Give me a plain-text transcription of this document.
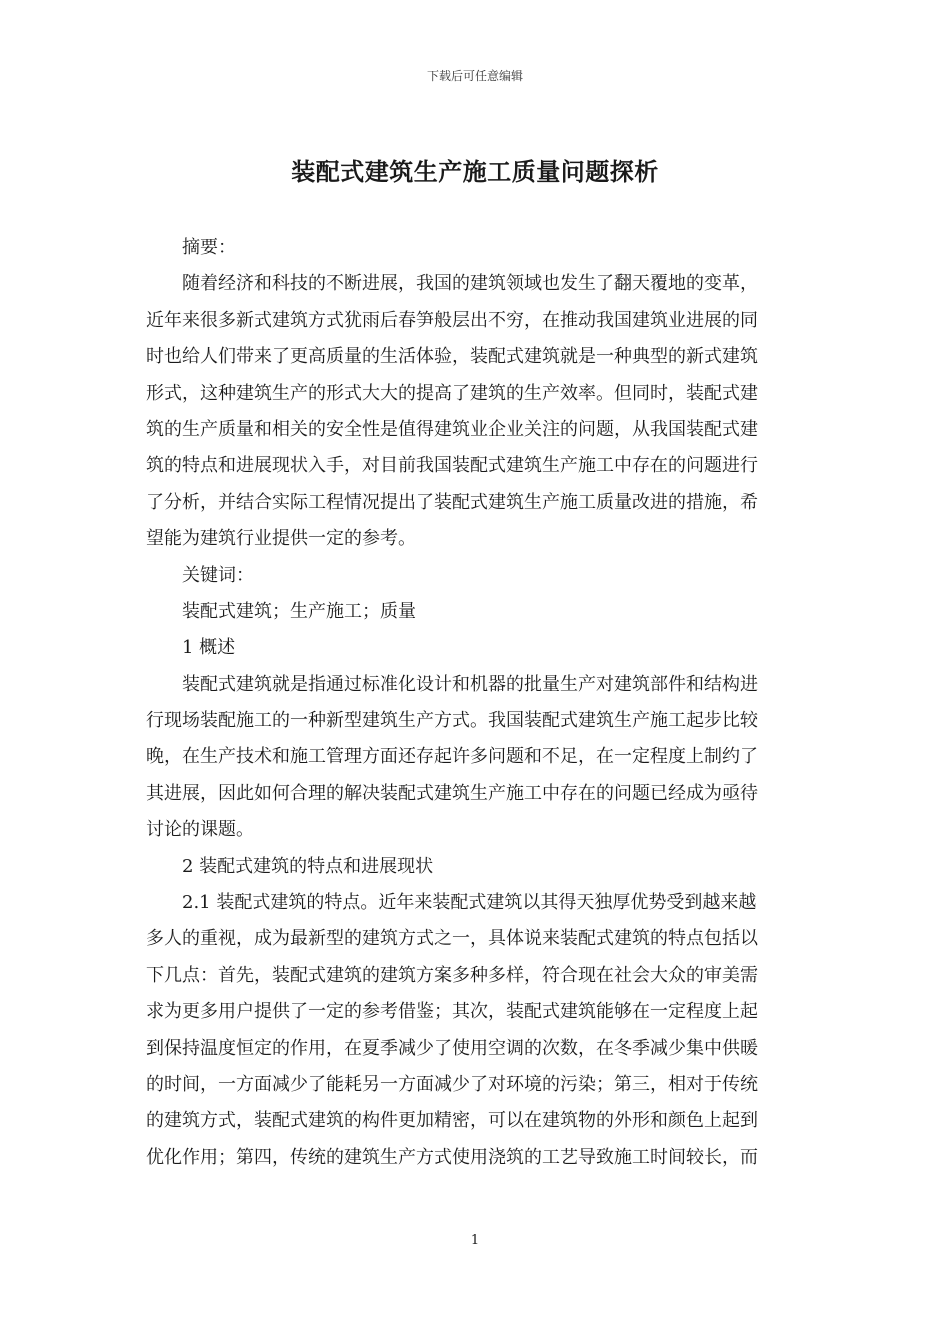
下载后可任意编辑
装配式建筑生产施工质量问题探析
摘要：
随着经济和科技的不断进展，我国的建筑领域也发生了翻天覆地的变革，
近年来很多新式建筑方式犹雨后春笋般层出不穷，在推动我国建筑业进展的同
时也给人们带来了更高质量的生活体验，装配式建筑就是一种典型的新式建筑
形式，这种建筑生产的形式大大的提高了建筑的生产效率。但同时，装配式建
筑的生产质量和相关的安全性是值得建筑业企业关注的问题，从我国装配式建
筑的特点和进展现状入手，对目前我国装配式建筑生产施工中存在的问题进行
了分析，并结合实际工程情况提出了装配式建筑生产施工质量改进的措施，希
望能为建筑行业提供一定的参考。
关键词：
装配式建筑；生产施工；质量
1 概述
装配式建筑就是指通过标准化设计和机器的批量生产对建筑部件和结构进
行现场装配施工的一种新型建筑生产方式。我国装配式建筑生产施工起步比较
晚，在生产技术和施工管理方面还存起许多问题和不足，在一定程度上制约了
其进展，因此如何合理的解决装配式建筑生产施工中存在的问题已经成为亟待
讨论的课题。
2 装配式建筑的特点和进展现状
2.1 装配式建筑的特点。近年来装配式建筑以其得天独厚优势受到越来越
多人的重视，成为最新型的建筑方式之一，具体说来装配式建筑的特点包括以
下几点：首先，装配式建筑的建筑方案多种多样，符合现在社会大众的审美需
求为更多用户提供了一定的参考借鉴；其次，装配式建筑能够在一定程度上起
到保持温度恒定的作用，在夏季减少了使用空调的次数，在冬季减少集中供暖
的时间，一方面减少了能耗另一方面减少了对环境的污染；第三，相对于传统
的建筑方式，装配式建筑的构件更加精密，可以在建筑物的外形和颜色上起到
优化作用；第四，传统的建筑生产方式使用浇筑的工艺导致施工时间较长，而
1
